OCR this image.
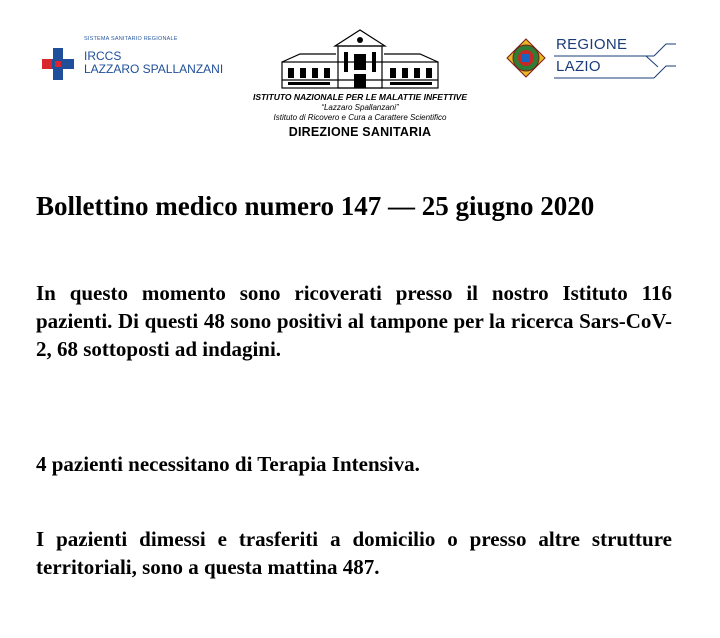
SISTEMA SANITARIO REGIONALE
IRCCS
LAZZARO SPALLANZANI
ISTITUTO NAZIONALE PER LE MALATTIE INFETTIVE
“Lazzaro Spallanzani”
Istituto di Ricovero e Cura a Carattere Scientifico
DIREZIONE SANITARIA
REGIONE
LAZIO
Bollettino medico numero 147 — 25 giugno 2020
In questo momento sono ricoverati presso il nostro Istituto 116 pazienti. Di questi 48 sono positivi al tampone per la ricerca Sars-CoV-2, 68 sottoposti ad indagini.
4 pazienti necessitano di Terapia Intensiva.
I pazienti dimessi e trasferiti a domicilio o presso altre strutture territoriali, sono a questa mattina 487.
